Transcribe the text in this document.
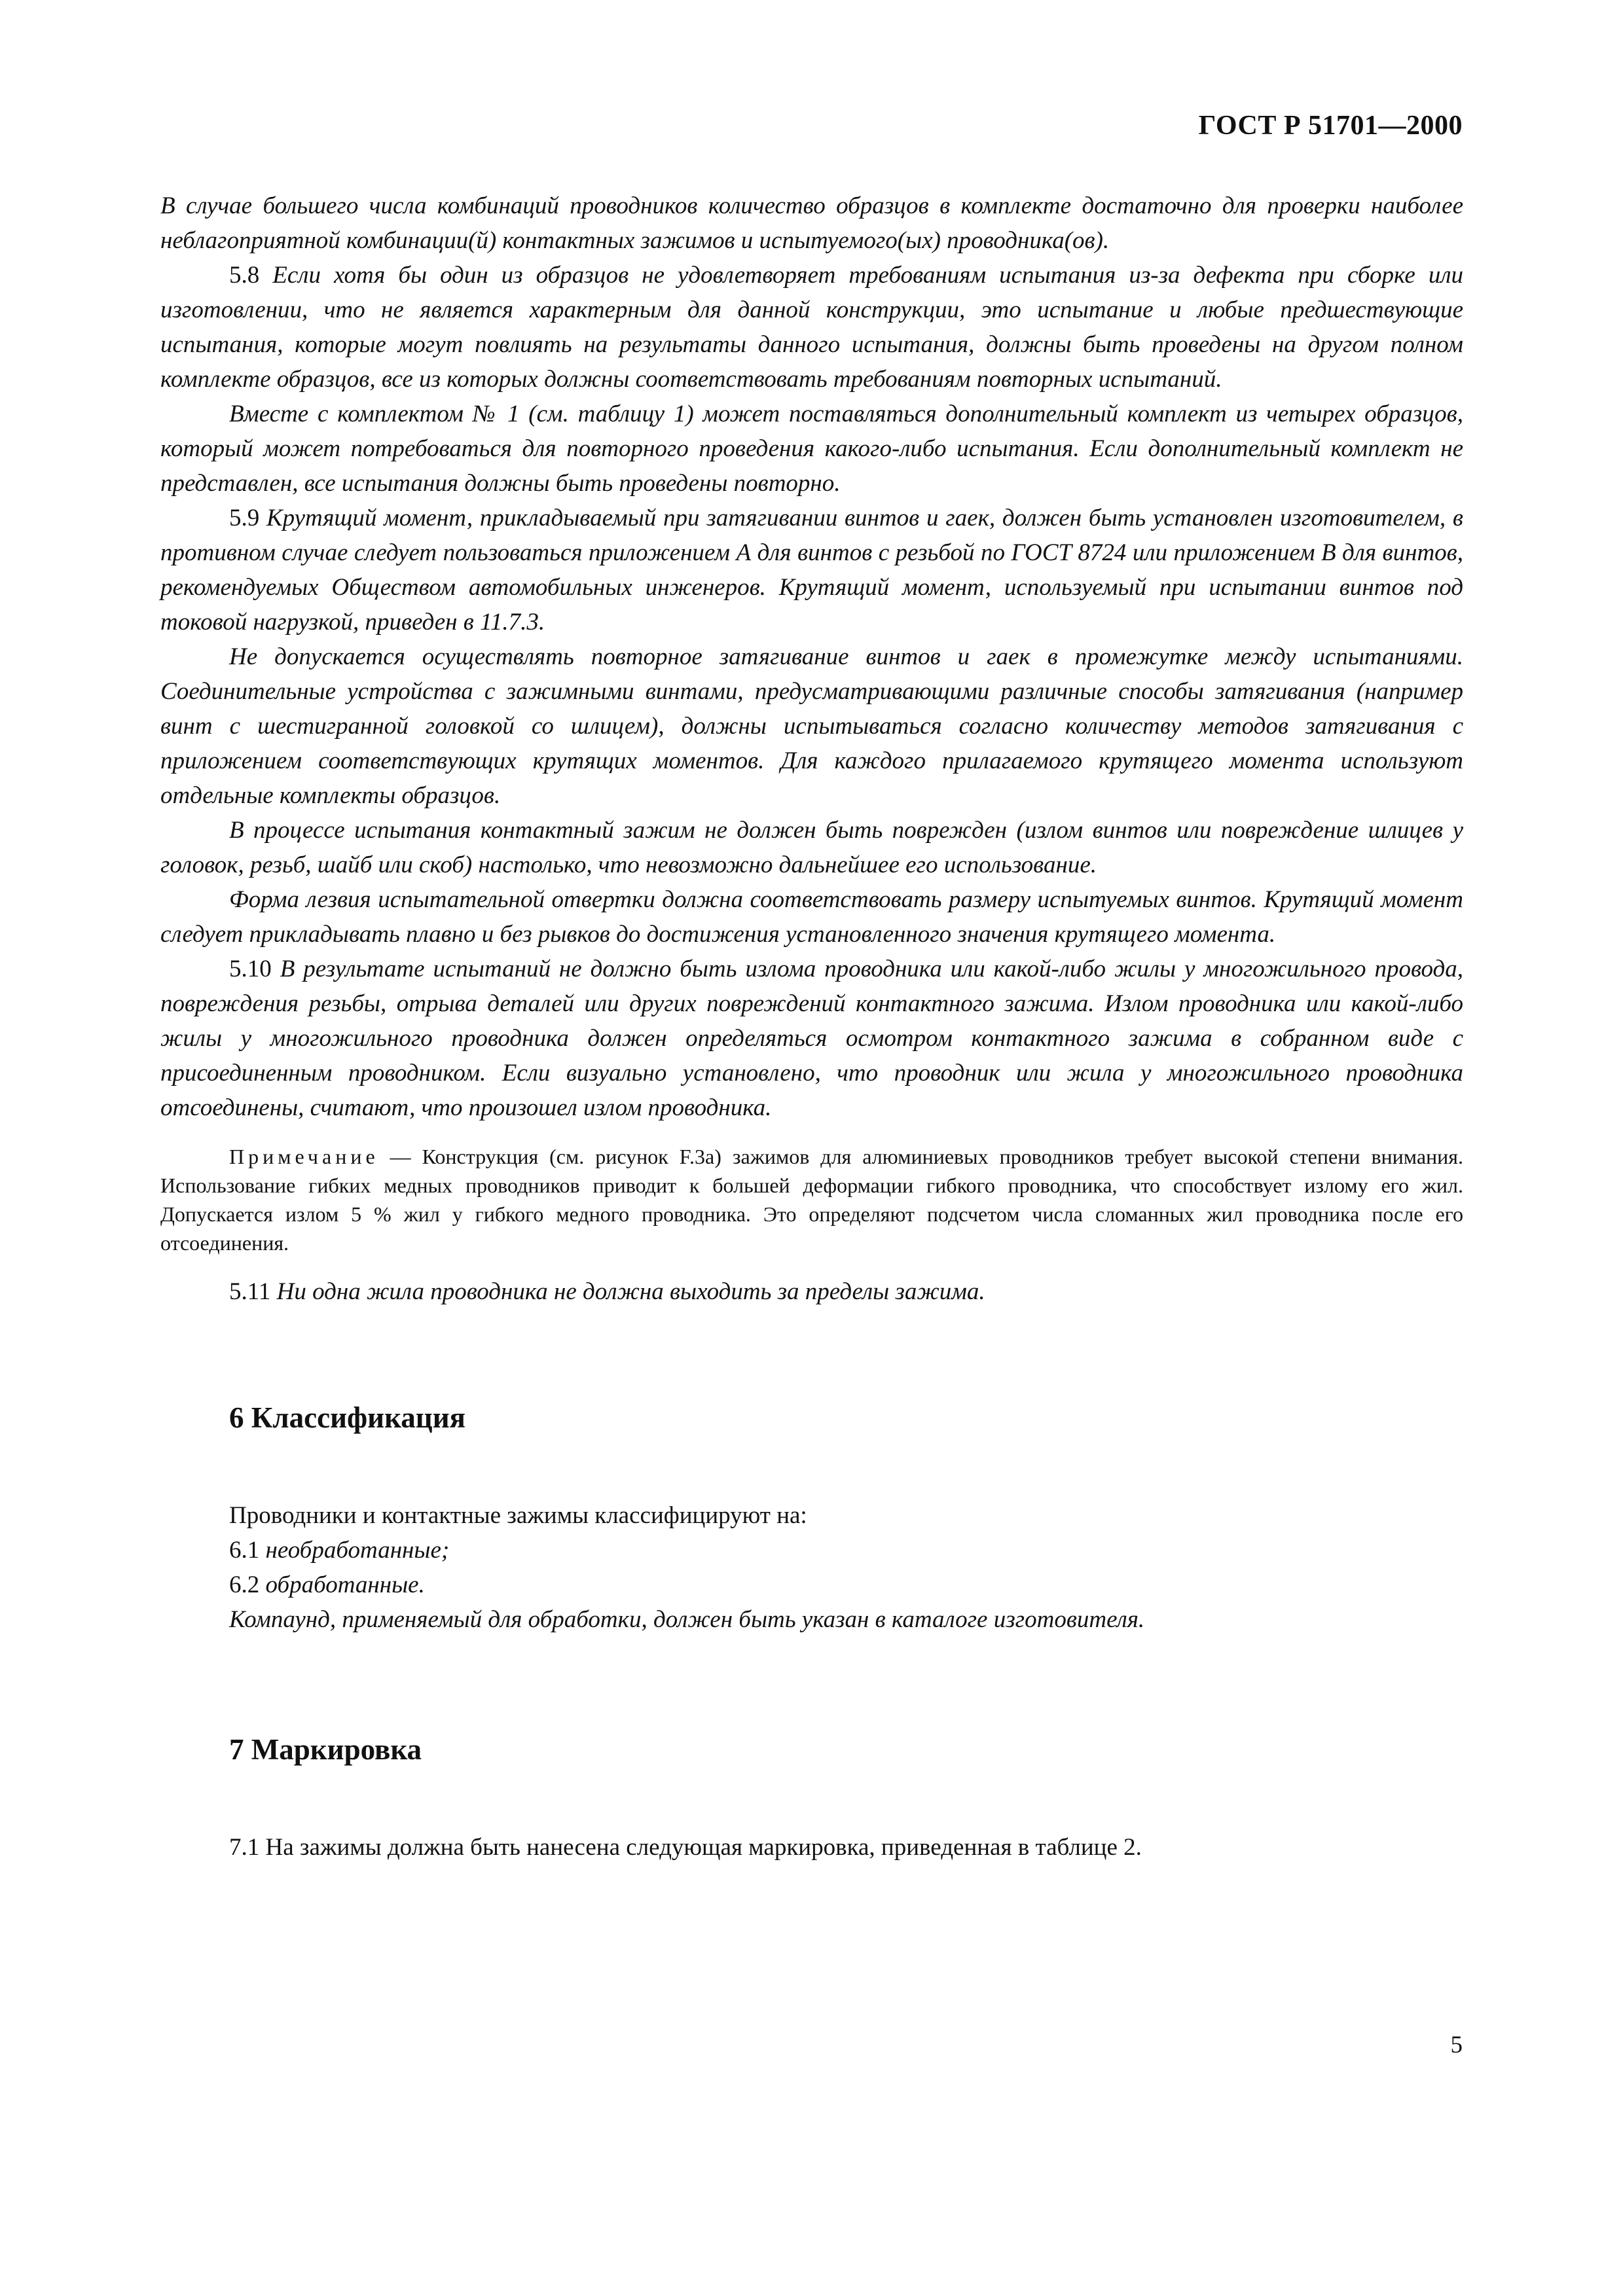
ГОСТ Р 51701—2000

В случае большего числа комбинаций проводников количество образцов в комплекте достаточно для проверки наиболее неблагоприятной комбинации(й) контактных зажимов и испытуемого(ых) проводника(ов).

5.8 Если хотя бы один из образцов не удовлетворяет требованиям испытания из-за дефекта при сборке или изготовлении, что не является характерным для данной конструкции, это испытание и любые предшествующие испытания, которые могут повлиять на результаты данного испытания, должны быть проведены на другом полном комплекте образцов, все из которых должны соответствовать требованиям повторных испытаний.

Вместе с комплектом № 1 (см. таблицу 1) может поставляться дополнительный комплект из четырех образцов, который может потребоваться для повторного проведения какого-либо испытания. Если дополнительный комплект не представлен, все испытания должны быть проведены повторно.

5.9 Крутящий момент, прикладываемый при затягивании винтов и гаек, должен быть установлен изготовителем, в противном случае следует пользоваться приложением А для винтов с резьбой по ГОСТ 8724 или приложением В для винтов, рекомендуемых Обществом автомобильных инженеров. Крутящий момент, используемый при испытании винтов под токовой нагрузкой, приведен в 11.7.3.

Не допускается осуществлять повторное затягивание винтов и гаек в промежутке между испытаниями. Соединительные устройства с зажимными винтами, предусматривающими различные способы затягивания (например винт с шестигранной головкой со шлицем), должны испытываться согласно количеству методов затягивания с приложением соответствующих крутящих моментов. Для каждого прилагаемого крутящего момента используют отдельные комплекты образцов.

В процессе испытания контактный зажим не должен быть поврежден (излом винтов или повреждение шлицев у головок, резьб, шайб или скоб) настолько, что невозможно дальнейшее его использование.

Форма лезвия испытательной отвертки должна соответствовать размеру испытуемых винтов. Крутящий момент следует прикладывать плавно и без рывков до достижения установленного значения крутящего момента.

5.10 В результате испытаний не должно быть излома проводника или какой-либо жилы у многожильного провода, повреждения резьбы, отрыва деталей или других повреждений контактного зажима. Излом проводника или какой-либо жилы у многожильного проводника должен определяться осмотром контактного зажима в собранном виде с присоединенным проводником. Если визуально установлено, что проводник или жила у многожильного проводника отсоединены, считают, что произошел излом проводника.

Примечание — Конструкция (см. рисунок F.3a) зажимов для алюминиевых проводников требует высокой степени внимания. Использование гибких медных проводников приводит к большей деформации гибкого проводника, что способствует излому его жил. Допускается излом 5 % жил у гибкого медного проводника. Это определяют подсчетом числа сломанных жил проводника после его отсоединения.

5.11 Ни одна жила проводника не должна выходить за пределы зажима.

6 Классификация

Проводники и контактные зажимы классифицируют на:

6.1 необработанные;

6.2 обработанные.

Компаунд, применяемый для обработки, должен быть указан в каталоге изготовителя.

7 Маркировка

7.1 На зажимы должна быть нанесена следующая маркировка, приведенная в таблице 2.

5
